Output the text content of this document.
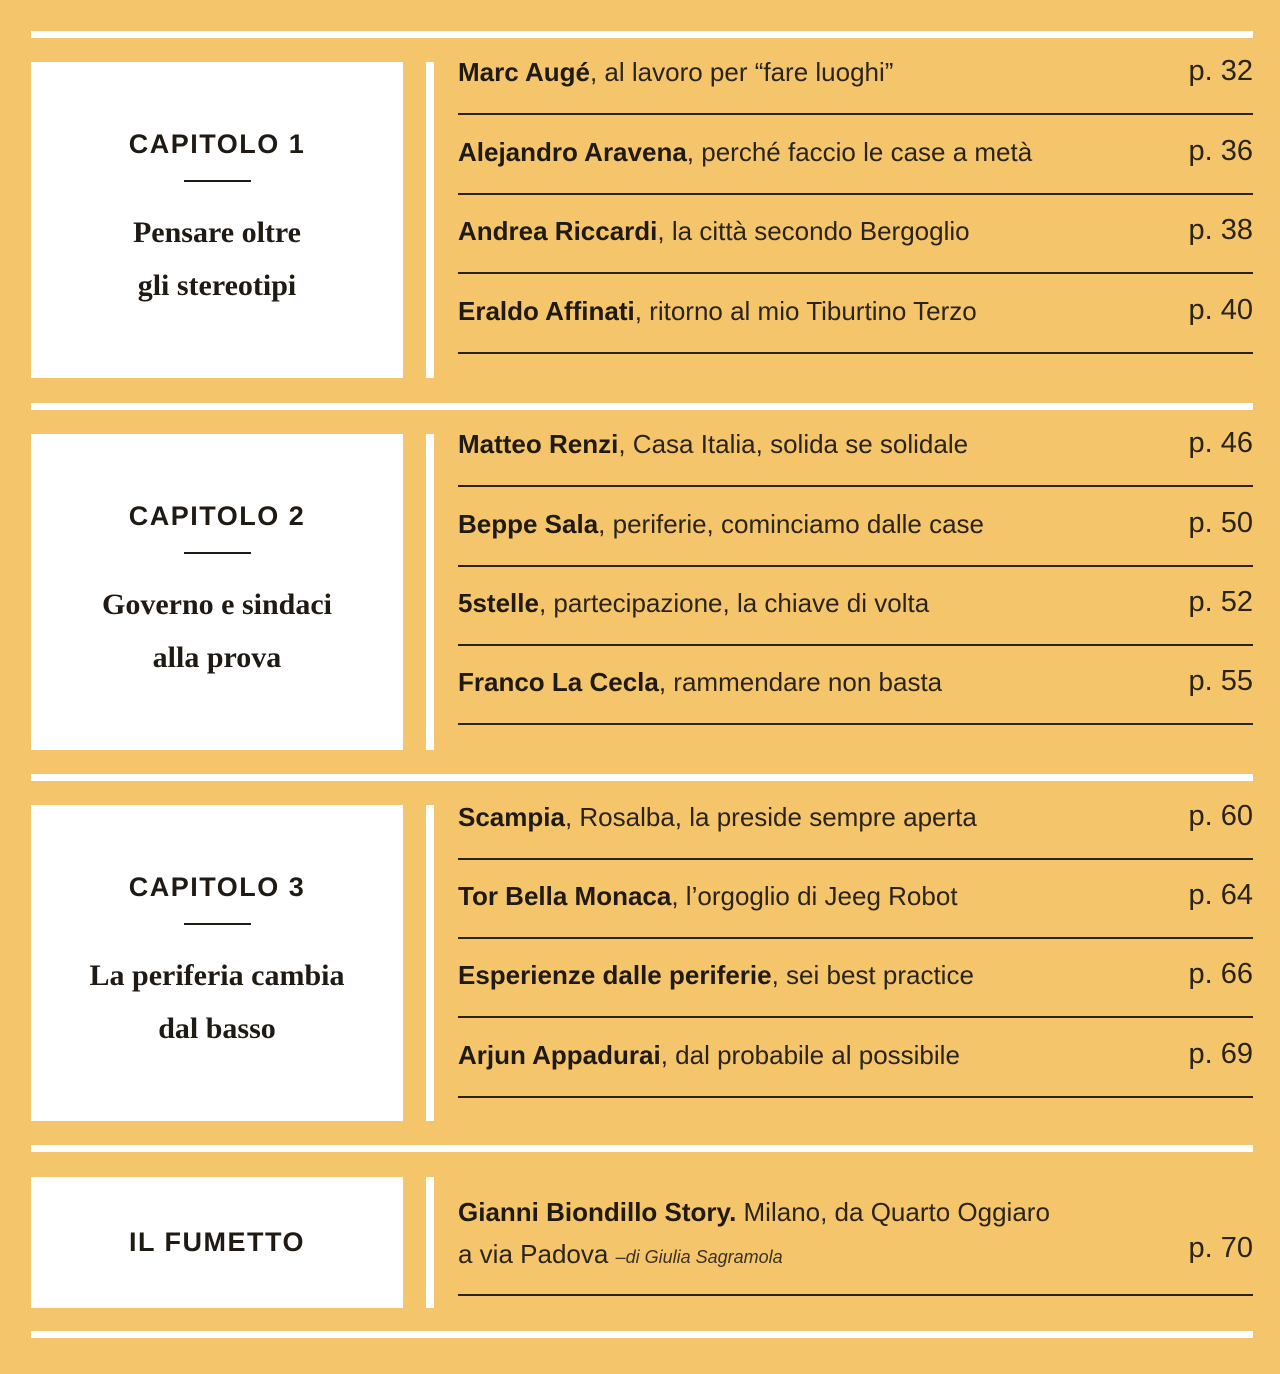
CAPITOLO 1
Pensare oltre
gli stereotipi
Marc Augé, al lavoro per “fare luoghi”	p. 32
Alejandro Aravena, perché faccio le case a metà	p. 36
Andrea Riccardi, la città secondo Bergoglio	p. 38
Eraldo Affinati, ritorno al mio Tiburtino Terzo	p. 40
CAPITOLO 2
Governo e sindaci
alla prova
Matteo Renzi, Casa Italia, solida se solidale	p. 46
Beppe Sala, periferie, cominciamo dalle case	p. 50
5stelle, partecipazione, la chiave di volta	p. 52
Franco La Cecla, rammendare non basta	p. 55
CAPITOLO 3
La periferia cambia
dal basso
Scampia, Rosalba, la preside sempre aperta	p. 60
Tor Bella Monaca, l’orgoglio di Jeeg Robot	p. 64
Esperienze dalle periferie, sei best practice	p. 66
Arjun Appadurai, dal probabile al possibile	p. 69
IL FUMETTO
Gianni Biondillo Story. Milano, da Quarto Oggiaro
a via Padova –di Giulia Sagramola	p. 70
